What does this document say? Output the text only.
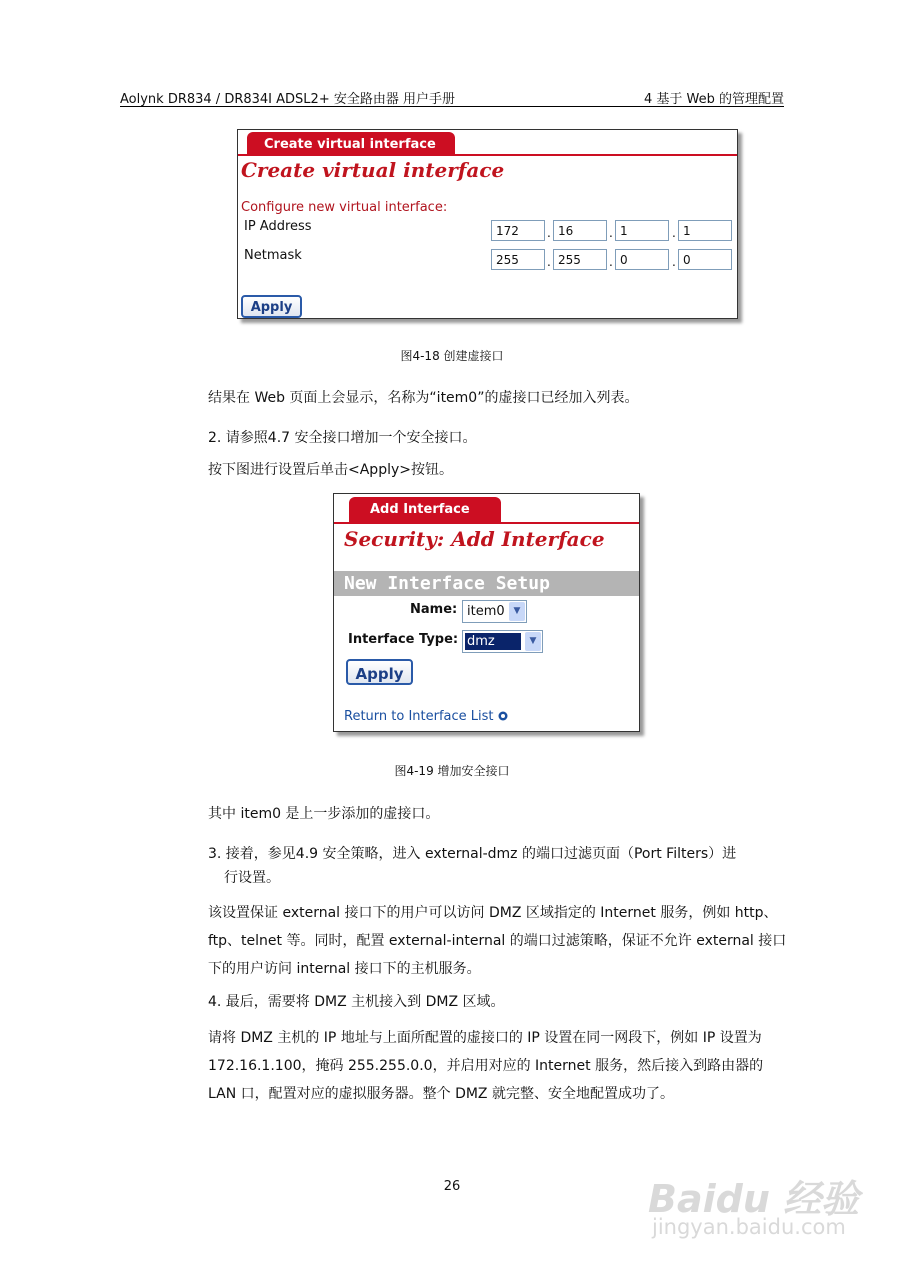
Aolynk DR834 / DR834I ADSL2+ 安全路由器 用户手册	4 基于 Web 的管理配置
Create virtual interface
Create virtual interface
Configure new virtual interface:
IP Address	172	. 16	. 1	. 1
Netmask	255	. 255	. 0	. 0
Apply
图4-18 创建虚接口
结果在 Web 页面上会显示，名称为“item0”的虚接口已经加入列表。
2. 请参照4.7 安全接口增加一个安全接口。
按下图进行设置后单击<Apply>按钮。
Add Interface
Security: Add Interface
New Interface Setup
Name: item0 ▼
Interface Type: dmz	▼
Apply
Return to Interface List
图4-19 增加安全接口
其中 item0 是上一步添加的虚接口。
3. 接着，参见4.9 安全策略，进入 external-dmz 的端口过滤页面（Port Filters）进
行设置。
该设置保证 external 接口下的用户可以访问 DMZ 区域指定的 Internet 服务，例如 http、ftp、telnet 等。同时，配置 external-internal 的端口过滤策略，保证不允许 external 接口下的用户访问 internal 接口下的主机服务。
4. 最后，需要将 DMZ 主机接入到 DMZ 区域。
请将 DMZ 主机的 IP 地址与上面所配置的虚接口的 IP 设置在同一网段下，例如 IP 设置为 172.16.1.100，掩码 255.255.0.0，并启用对应的 Internet 服务，然后接入到路由器的 LAN 口，配置对应的虚拟服务器。整个 DMZ 就完整、安全地配置成功了。
26	Baidu 经验
jingyan.baidu.com
